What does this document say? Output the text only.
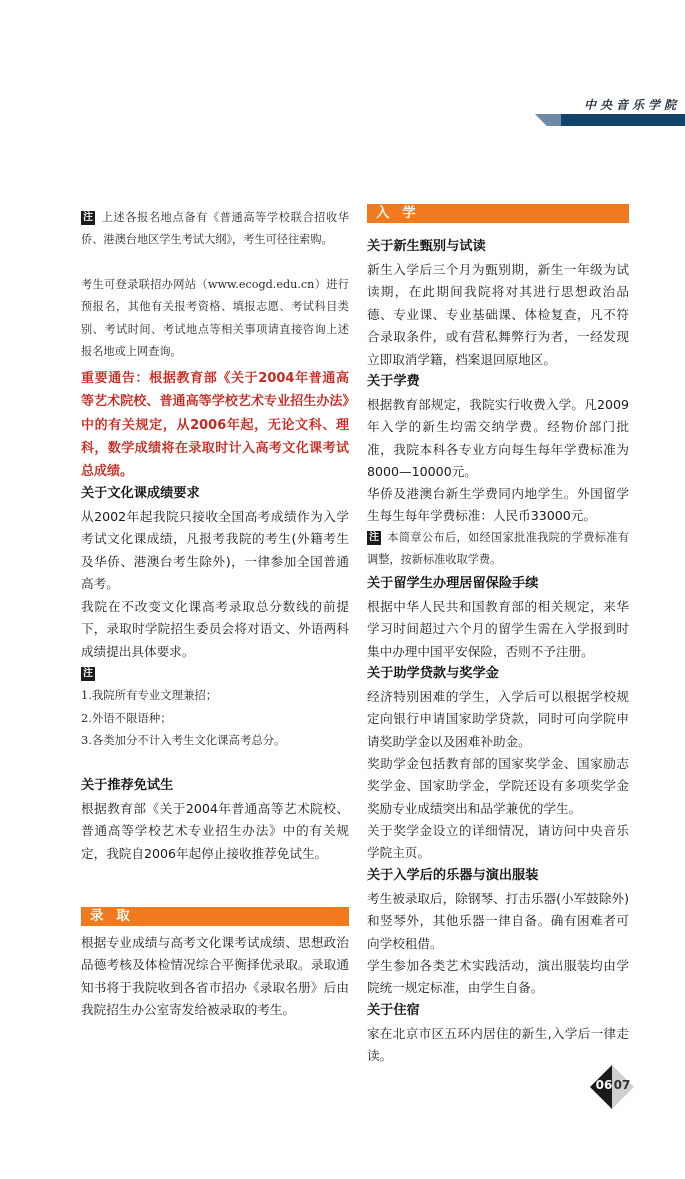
中央音乐学院
注 上述各报名地点备有《普通高等学校联合招收华侨、港澳台地区学生考试大纲》，考生可径往索购。
考生可登录联招办网站（www.ecogd.edu.cn）进行预报名，其他有关报考资格、填报志愿、考试科目类别、考试时间、考试地点等相关事项请直接咨询上述报名地或上网查询。
重要通告：根据教育部《关于2004年普通高等艺术院校、普通高等学校艺术专业招生办法》中的有关规定，从2006年起，无论文科、理科，数学成绩将在录取时计入高考文化课考试总成绩。
关于文化课成绩要求
从2002年起我院只接收全国高考成绩作为入学考试文化课成绩，凡报考我院的考生(外籍考生及华侨、港澳台考生除外)，一律参加全国普通高考。
我院在不改变文化课高考录取总分数线的前提下，录取时学院招生委员会将对语文、外语两科成绩提出具体要求。
注
1.我院所有专业文理兼招；
2.外语不限语种；
3.各类加分不计入考生文化课高考总分。
关于推荐免试生
根据教育部《关于2004年普通高等艺术院校、普通高等学校艺术专业招生办法》中的有关规定，我院自2006年起停止接收推荐免试生。
录 取
根据专业成绩与高考文化课考试成绩、思想政治品德考核及体检情况综合平衡择优录取。录取通知书将于我院收到各省市招办《录取名册》后由我院招生办公室寄发给被录取的考生。
入 学
关于新生甄别与试读
新生入学后三个月为甄别期，新生一年级为试读期，在此期间我院将对其进行思想政治品德、专业课、专业基础课、体检复查，凡不符合录取条件，或有营私舞弊行为者，一经发现立即取消学籍，档案退回原地区。
关于学费
根据教育部规定，我院实行收费入学。凡2009年入学的新生均需交纳学费。经物价部门批准，我院本科各专业方向每生每年学费标准为8000—10000元。
华侨及港澳台新生学费同内地学生。外国留学生每生每年学费标准：人民币33000元。
注 本简章公布后，如经国家批准我院的学费标准有调整，按新标准收取学费。
关于留学生办理居留保险手续
根据中华人民共和国教育部的相关规定，来华学习时间超过六个月的留学生需在入学报到时集中办理中国平安保险，否则不予注册。
关于助学贷款与奖学金
经济特别困难的学生，入学后可以根据学校规定向银行申请国家助学贷款，同时可向学院申请奖助学金以及困难补助金。
奖助学金包括教育部的国家奖学金、国家励志奖学金、国家助学金，学院还设有多项奖学金奖励专业成绩突出和品学兼优的学生。
关于奖学金设立的详细情况，请访问中央音乐学院主页。
关于入学后的乐器与演出服装
考生被录取后，除钢琴、打击乐器(小军鼓除外)和竖琴外，其他乐器一律自备。确有困难者可向学校租借。
学生参加各类艺术实践活动，演出服装均由学院统一规定标准，由学生自备。
关于住宿
家在北京市区五环内居住的新生,入学后一律走读。
06 07
